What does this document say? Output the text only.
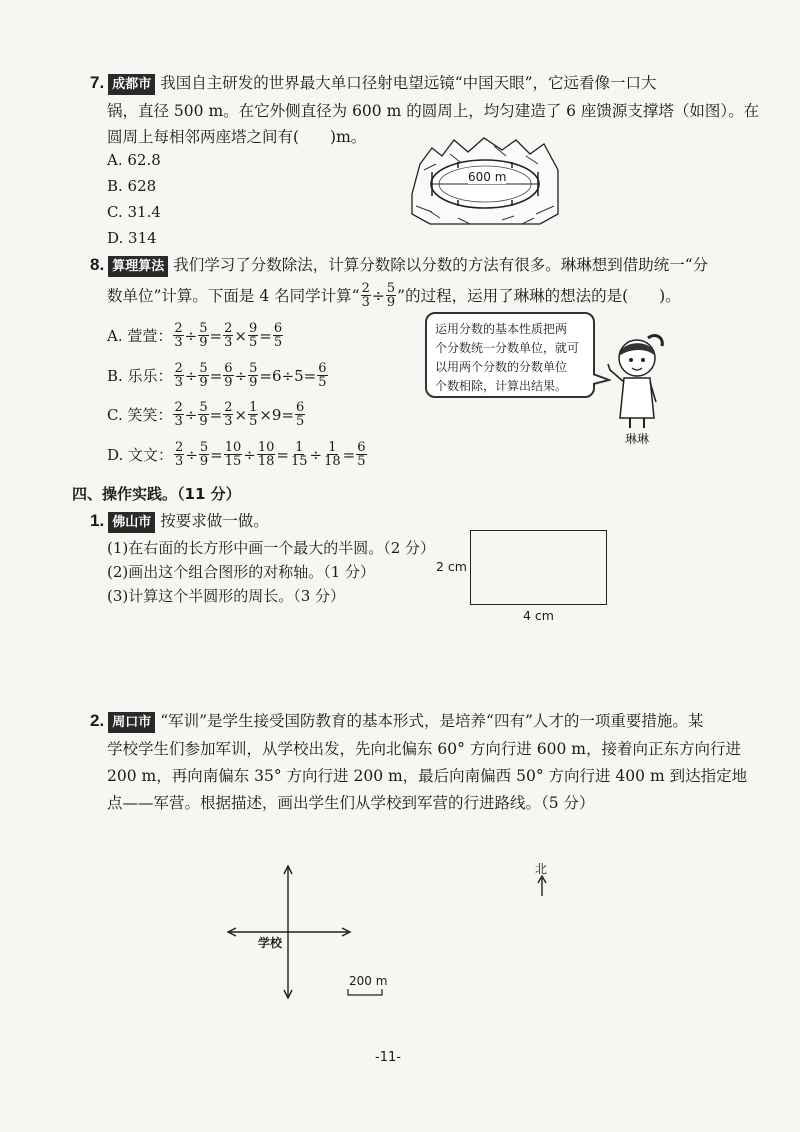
7. 成都市 我国自主研发的世界最大单口径射电望远镜“中国天眼”，它远看像一口大
锅，直径 500 m。在它外侧直径为 600 m 的圆周上，均匀建造了 6 座馈源支撑塔（如图）。在
圆周上每相邻两座塔之间有(　　)m。
A. 62.8
B. 628
C. 31.4
D. 314
600 m
8. 算理算法 我们学习了分数除法，计算分数除以分数的方法有很多。琳琳想到借助统一“分
数单位”计算。下面是 4 名同学计算“ $\frac{2}{3} \div \frac{5}{9}$ ”的过程，运用了琳琳的想法的是(　　)。
A. 萱萱： $\frac{2}{3} \div \frac{5}{9} = \frac{2}{3} \times \frac{9}{5} = \frac{6}{5}$
B. 乐乐： $\frac{2}{3} \div \frac{5}{9} = \frac{6}{9} \div \frac{5}{9} =6\div 5= \frac{6}{5}$
C. 笑笑： $\frac{2}{3} \div \frac{5}{9} = \frac{2}{3} \times \frac{1}{5} \times 9= \frac{6}{5}$
D. 文文： $\frac{2}{3} \div \frac{5}{9} = \frac{10}{15} \div \frac{10}{18} = \frac{1}{15} \div \frac{1}{18} = \frac{6}{5}$
运用分数的基本性质把两
个分数统一分数单位，就可
以用两个分数的分数单位
个数相除，计算出结果。
琳琳
四、操作实践。（11 分）
1. 佛山市 按要求做一做。
(1)在右面的长方形中画一个最大的半圆。（2 分）
(2)画出这个组合图形的对称轴。（1 分）
(3)计算这个半圆形的周长。（3 分）
2 cm
4 cm
2. 周口市 “军训”是学生接受国防教育的基本形式，是培养“四有”人才的一项重要措施。某
学校学生们参加军训，从学校出发，先向北偏东 60° 方向行进 600 m，接着向正东方向行进
200 m，再向南偏东 35° 方向行进 200 m，最后向南偏西 50° 方向行进 400 m 到达指定地
点——军营。根据描述，画出学生们从学校到军营的行进路线。（5 分）
北
学校
200 m
-11-
